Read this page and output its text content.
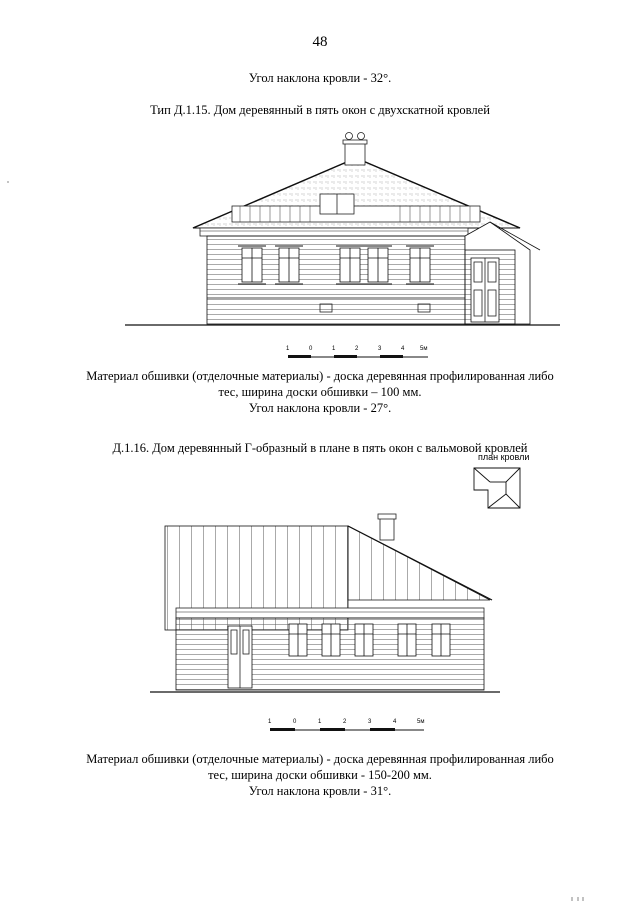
48
Угол наклона кровли - 32°.
Тип Д.1.15. Дом деревянный в пять окон с двухскатной кровлей
1	0	1	2	3	4	5м
Материал обшивки (отделочные материалы) - доска деревянная профилированная либо
тес, ширина доски обшивки – 100 мм.
Угол наклона кровли - 27°.
Д.1.16. Дом деревянный Г-образный в плане в пять окон с вальмовой кровлей
план кровли
1	0	1	2	3	4	5м
Материал обшивки (отделочные материалы) - доска деревянная профилированная либо
тес, ширина доски обшивки - 150-200 мм.
Угол наклона кровли - 31°.
